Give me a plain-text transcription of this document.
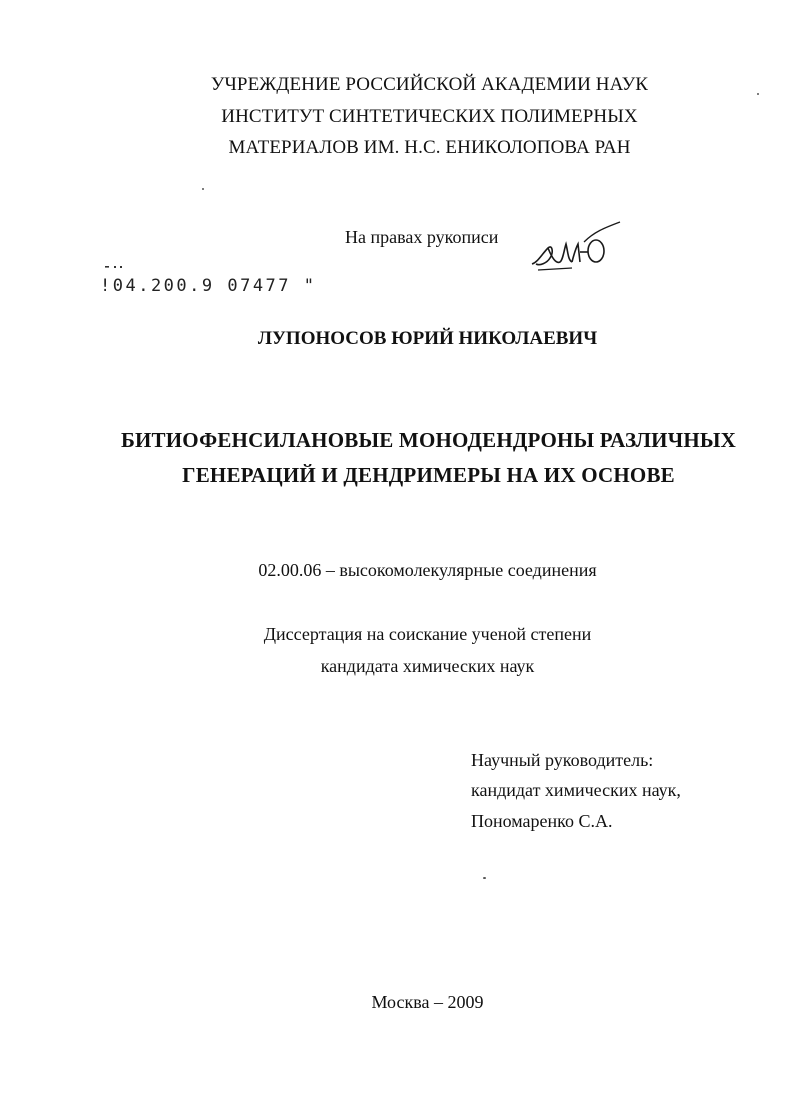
УЧРЕЖДЕНИЕ РОССИЙСКОЙ АКАДЕМИИ НАУК
ИНСТИТУТ СИНТЕТИЧЕСКИХ ПОЛИМЕРНЫХ
МАТЕРИАЛОВ ИМ. Н.С. ЕНИКОЛОПОВА РАН
На правах рукописи
!04.200.9 07477 "
ЛУПОНОСОВ ЮРИЙ НИКОЛАЕВИЧ
БИТИОФЕНСИЛАНОВЫЕ МОНОДЕНДРОНЫ РАЗЛИЧНЫХ
ГЕНЕРАЦИЙ И ДЕНДРИМЕРЫ НА ИХ ОСНОВЕ
02.00.06 – высокомолекулярные соединения
Диссертация на соискание ученой степени
кандидата химических наук
Научный руководитель:
кандидат химических наук,
Пономаренко С.А.
Москва – 2009
